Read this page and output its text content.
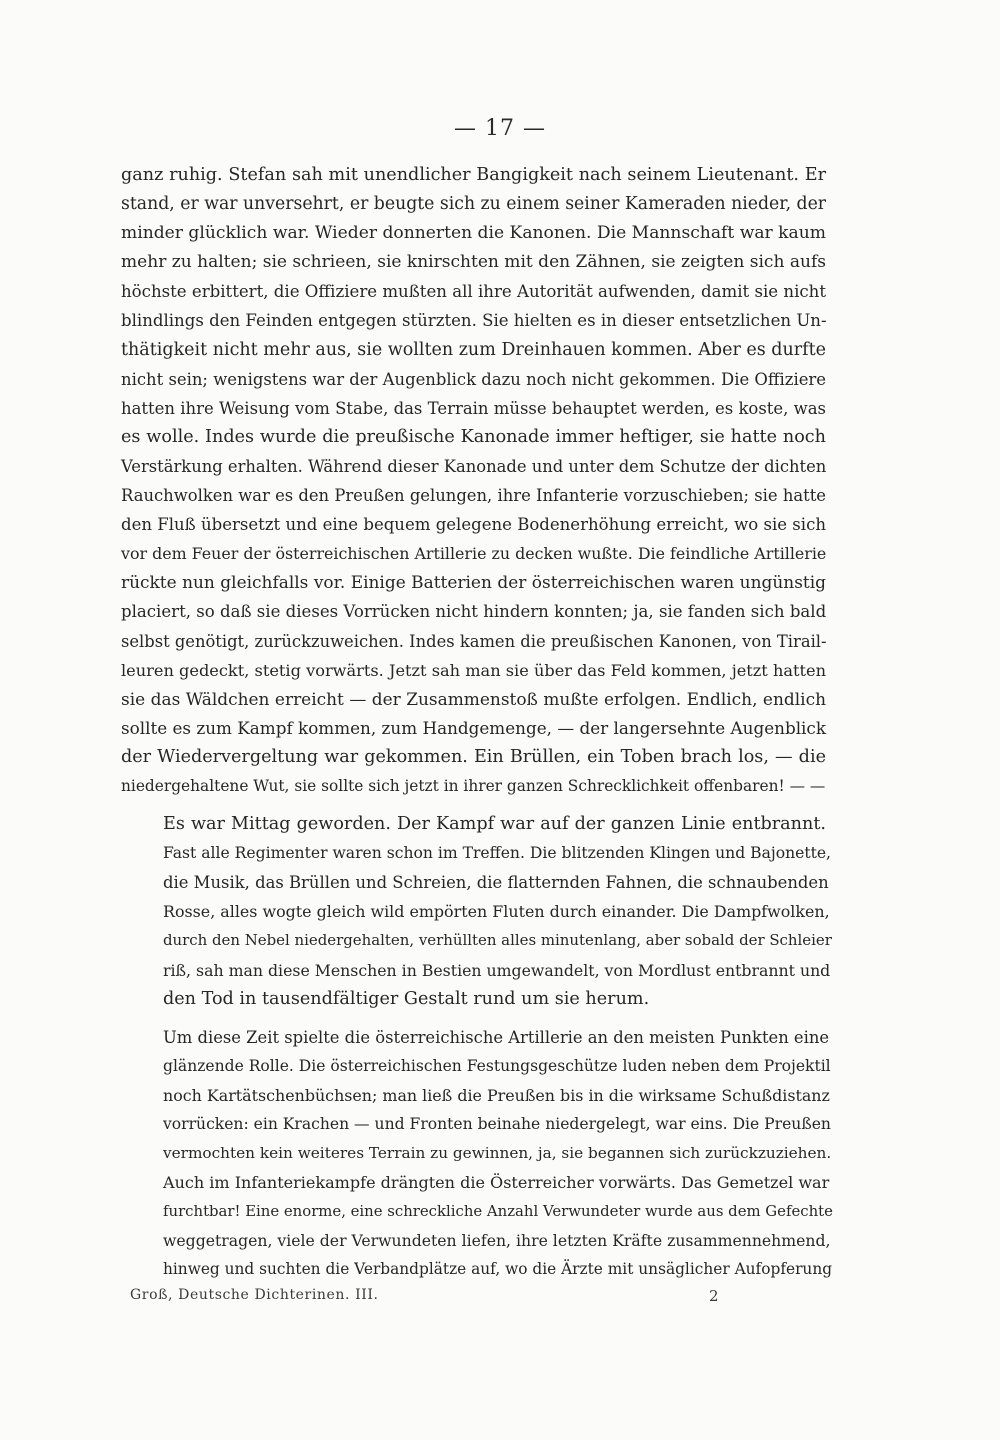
— 17 —
ganz ruhig. Stefan sah mit unendlicher Bangigkeit nach seinem Lieutenant. Er
stand, er war unversehrt, er beugte sich zu einem seiner Kameraden nieder, der
minder glücklich war. Wieder donnerten die Kanonen. Die Mannschaft war kaum
mehr zu halten; sie schrieen, sie knirschten mit den Zähnen, sie zeigten sich aufs
höchste erbittert, die Offiziere mußten all ihre Autorität aufwenden, damit sie nicht
blindlings den Feinden entgegen stürzten. Sie hielten es in dieser entsetzlichen Un-
thätigkeit nicht mehr aus, sie wollten zum Dreinhauen kommen. Aber es durfte
nicht sein; wenigstens war der Augenblick dazu noch nicht gekommen. Die Offiziere
hatten ihre Weisung vom Stabe, das Terrain müsse behauptet werden, es koste, was
es wolle. Indes wurde die preußische Kanonade immer heftiger, sie hatte noch
Verstärkung erhalten. Während dieser Kanonade und unter dem Schutze der dichten
Rauchwolken war es den Preußen gelungen, ihre Infanterie vorzuschieben; sie hatte
den Fluß übersetzt und eine bequem gelegene Bodenerhöhung erreicht, wo sie sich
vor dem Feuer der österreichischen Artillerie zu decken wußte. Die feindliche Artillerie
rückte nun gleichfalls vor. Einige Batterien der österreichischen waren ungünstig
placiert, so daß sie dieses Vorrücken nicht hindern konnten; ja, sie fanden sich bald
selbst genötigt, zurückzuweichen. Indes kamen die preußischen Kanonen, von Tirail-
leuren gedeckt, stetig vorwärts. Jetzt sah man sie über das Feld kommen, jetzt hatten
sie das Wäldchen erreicht — der Zusammenstoß mußte erfolgen. Endlich, endlich
sollte es zum Kampf kommen, zum Handgemenge, — der langersehnte Augenblick
der Wiedervergeltung war gekommen. Ein Brüllen, ein Toben brach los, — die
niedergehaltene Wut, sie sollte sich jetzt in ihrer ganzen Schrecklichkeit offenbaren! — —
Es war Mittag geworden. Der Kampf war auf der ganzen Linie entbrannt.
Fast alle Regimenter waren schon im Treffen. Die blitzenden Klingen und Bajonette,
die Musik, das Brüllen und Schreien, die flatternden Fahnen, die schnaubenden
Rosse, alles wogte gleich wild empörten Fluten durch einander. Die Dampfwolken,
durch den Nebel niedergehalten, verhüllten alles minutenlang, aber sobald der Schleier
riß, sah man diese Menschen in Bestien umgewandelt, von Mordlust entbrannt und
den Tod in tausendfältiger Gestalt rund um sie herum.
Um diese Zeit spielte die österreichische Artillerie an den meisten Punkten eine
glänzende Rolle. Die österreichischen Festungsgeschütze luden neben dem Projektil
noch Kartätschenbüchsen; man ließ die Preußen bis in die wirksame Schußdistanz
vorrücken: ein Krachen — und Fronten beinahe niedergelegt, war eins. Die Preußen
vermochten kein weiteres Terrain zu gewinnen, ja, sie begannen sich zurückzuziehen.
Auch im Infanteriekampfe drängten die Österreicher vorwärts. Das Gemetzel war
furchtbar! Eine enorme, eine schreckliche Anzahl Verwundeter wurde aus dem Gefechte
weggetragen, viele der Verwundeten liefen, ihre letzten Kräfte zusammennehmend,
hinweg und suchten die Verbandplätze auf, wo die Ärzte mit unsäglicher Aufopferung
Groß, Deutsche Dichterinen. III.	2
